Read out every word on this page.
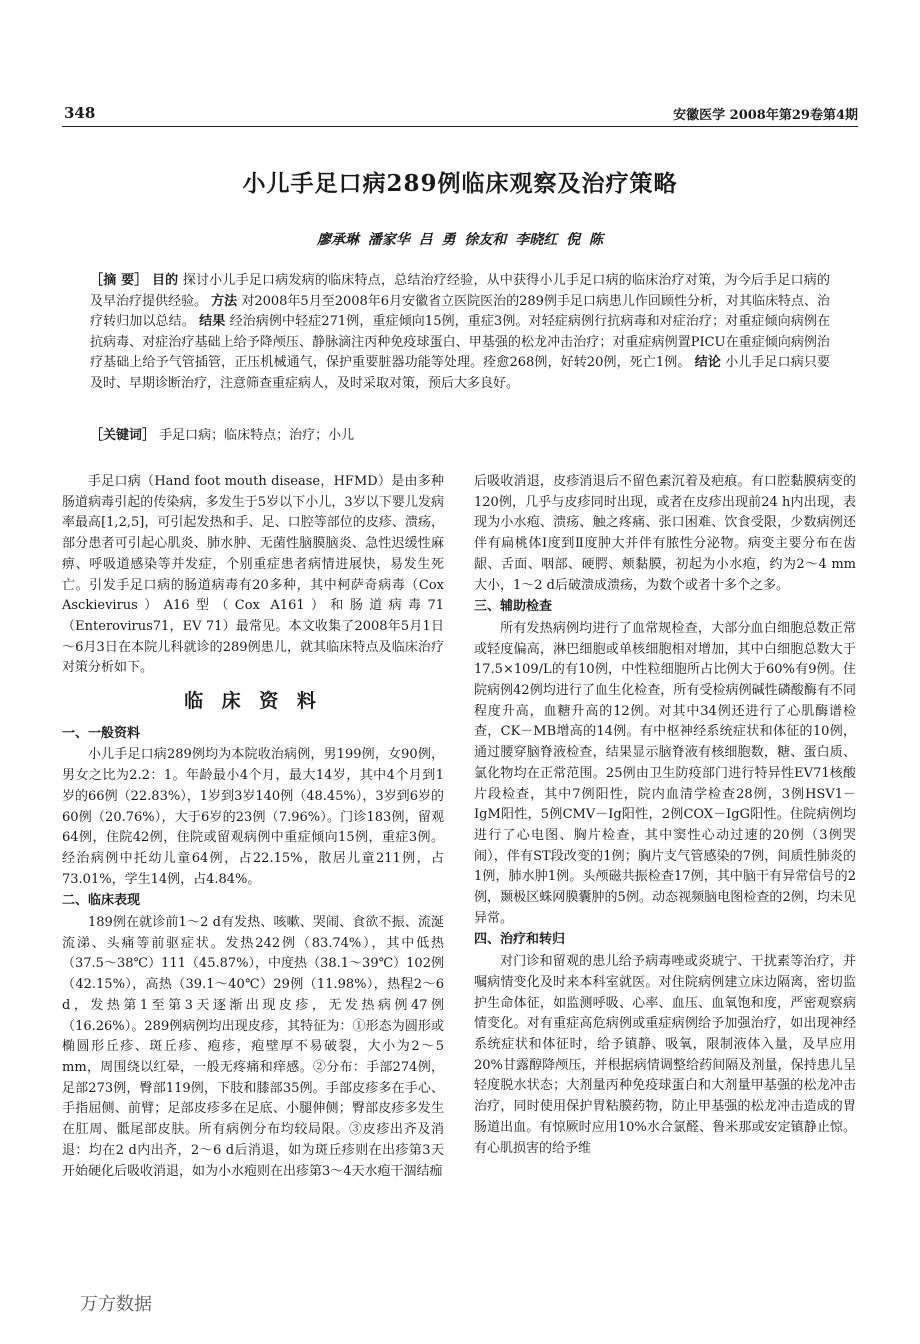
348	安徽医学 2008年第29卷第4期
小儿手足口病289例临床观察及治疗策略
廖承琳 潘家华 吕 勇 徐友和 李晓红 倪 陈
［摘 要］ 目的 探讨小儿手足口病发病的临床特点，总结治疗经验，从中获得小儿手足口病的临床治疗对策，为今后手足口病的及早治疗提供经验。 方法 对2008年5月至2008年6月安徽省立医院医治的289例手足口病患儿作回顾性分析，对其临床特点、治疗转归加以总结。 结果 经治病例中轻症271例，重症倾向15例，重症3例。对轻症病例行抗病毒和对症治疗；对重症倾向病例在抗病毒、对症治疗基础上给予降颅压、静脉滴注丙种免疫球蛋白、甲基强的松龙冲击治疗；对重症病例置PICU在重症倾向病例治疗基础上给予气管插管，正压机械通气，保护重要脏器功能等处理。痊愈268例，好转20例，死亡1例。 结论 小儿手足口病只要及时、早期诊断治疗，注意筛查重症病人，及时采取对策，预后大多良好。
［关键词］ 手足口病；临床特点；治疗；小儿

手足口病（Hand foot mouth disease，HFMD）是由多种肠道病毒引起的传染病，多发生于5岁以下小儿，3岁以下婴儿发病率最高[1,2,5]，可引起发热和手、足、口腔等部位的皮疹、溃疡，部分患者可引起心肌炎、肺水肿、无菌性脑膜脑炎、急性迟缓性麻痹、呼吸道感染等并发症，个别重症患者病情进展快，易发生死亡。引发手足口病的肠道病毒有20多种，其中柯萨奇病毒（Cox Asckievirus）A16型（Cox A161）和肠道病毒71（Enterovirus71，EV 71）最常见。本文收集了2008年5月1日～6月3日在本院儿科就诊的289例患儿，就其临床特点及临床治疗对策分析如下。

临 床 资 料

一、一般资料

小儿手足口病289例均为本院收治病例，男199例，女90例，男女之比为2.2：1。年龄最小4个月，最大14岁，其中4个月到1岁的66例（22.83%），1岁到3岁140例（48.45%），3岁到6岁的60例（20.76%），大于6岁的23例（7.96%）。门诊183例，留观64例，住院42例，住院或留观病例中重症倾向15例，重症3例。经治病例中托幼儿童64例，占22.15%，散居儿童211例，占73.01%，学生14例，占4.84%。

二、临床表现

189例在就诊前1～2 d有发热、咳嗽、哭闹、食欲不振、流涎流涕、头痛等前驱症状。发热242例（83.74%），其中低热（37.5～38℃）111（45.87%），中度热（38.1～39℃）102例（42.15%），高热（39.1～40℃）29例（11.98%），热程2～6 d，发热第1至第3天逐渐出现皮疹，无发热病例47例（16.26%）。289例病例均出现皮疹，其特征为：①形态为圆形或椭圆形丘疹、斑丘疹、疱疹，疱壁厚不易破裂，大小为2～5 mm，周围绕以红晕，一般无疼痛和痒感。②分布：手部274例，足部273例，臀部119例，下肢和膝部35例。手部皮疹多在手心、手指屈侧、前臂；足部皮疹多在足底、小腿伸侧；臀部皮疹多发生在肛周、骶尾部皮肤。所有病例分布均较局限。③皮疹出齐及消退：均在2 d内出齐，2～6 d后消退，如为斑丘疹则在出疹第3天开始硬化后吸收消退，如为小水疱则在出疹第3～4天水疱干涸结痂

后吸收消退，皮疹消退后不留色素沉着及疤痕。有口腔黏膜病变的120例，几乎与皮疹同时出现，或者在皮疹出现前24 h内出现，表现为小水疱、溃疡、触之疼痛、张口困难、饮食受限，少数病例还伴有扁桃体Ⅰ度到Ⅱ度肿大并伴有脓性分泌物。病变主要分布在齿龈、舌面、咽部、硬腭、颊黏膜，初起为小水疱，约为2～4 mm大小，1～2 d后破溃成溃疡，为数个或者十多个之多。

三、辅助检查

所有发热病例均进行了血常规检查，大部分血白细胞总数正常或轻度偏高，淋巴细胞或单核细胞相对增加，其中白细胞总数大于17.5×109/L的有10例，中性粒细胞所占比例大于60%有9例。住院病例42例均进行了血生化检查，所有受检病例碱性磷酸酶有不同程度升高，血糖升高的12例。对其中34例还进行了心肌酶谱检查，CK－MB增高的14例。有中枢神经系统症状和体征的10例，通过腰穿脑脊液检查，结果显示脑脊液有核细胞数，糖、蛋白质、氯化物均在正常范围。25例由卫生防疫部门进行特异性EV71核酸片段检查，其中7例阳性，院内血清学检查28例，3例HSV1－IgM阳性，5例CMV－Ig阳性，2例COX－IgG阳性。住院病例均进行了心电图、胸片检查，其中窦性心动过速的20例（3例哭闹），伴有ST段改变的1例；胸片支气管感染的7例，间质性肺炎的1例，肺水肿1例。头颅磁共振检查17例，其中脑干有异常信号的2例，颞极区蛛网膜囊肿的5例。动态视频脑电图检查的2例，均未见异常。

四、治疗和转归

对门诊和留观的患儿给予病毒唑或炎琥宁、干扰素等治疗，并嘱病情变化及时来本科室就医。对住院病例建立床边隔离，密切监护生命体征，如监测呼吸、心率、血压、血氧饱和度，严密观察病情变化。对有重症高危病例或重症病例给予加强治疗，如出现神经系统症状和体征时，给予镇静、吸氧，限制液体入量，及早应用20%甘露醇降颅压，并根据病情调整给药间隔及剂量，保持患儿呈轻度脱水状态；大剂量丙种免疫球蛋白和大剂量甲基强的松龙冲击治疗，同时使用保护胃粘膜药物，防止甲基强的松龙冲击造成的胃肠道出血。有惊厥时应用10%水合氯醛、鲁米那或安定镇静止惊。有心肌损害的给予维

万方数据
